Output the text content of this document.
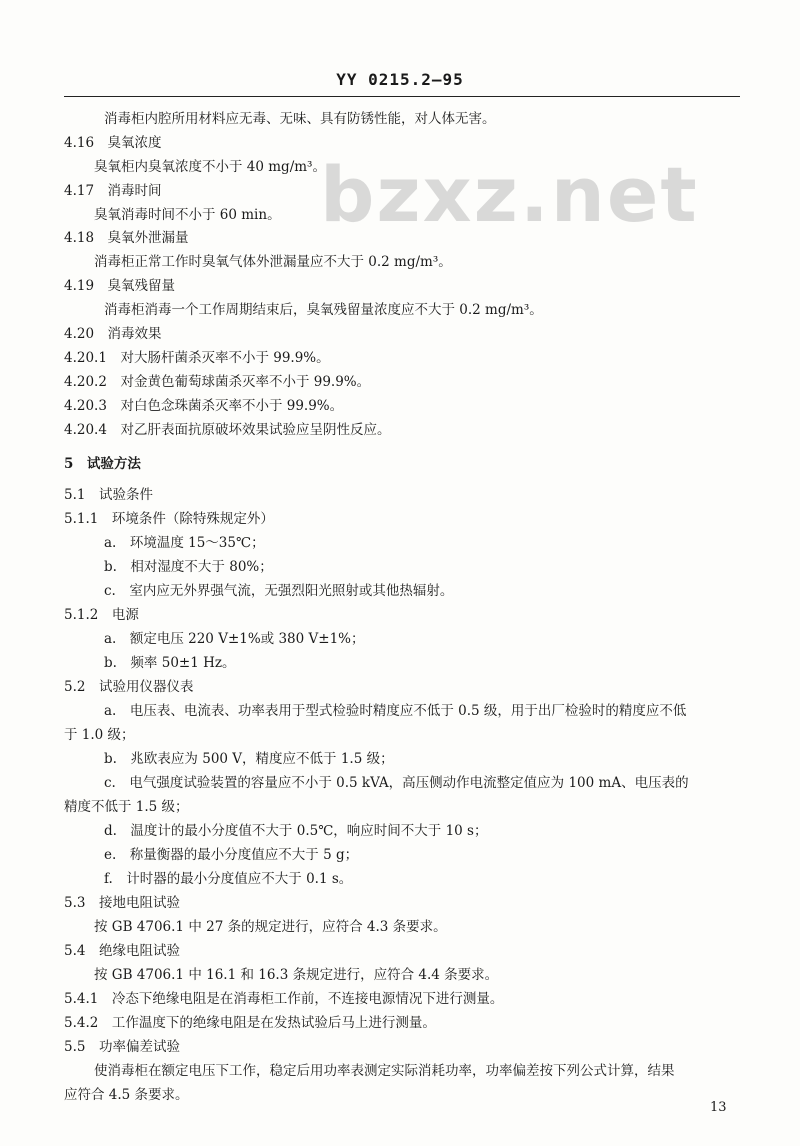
YY 0215.2—95
bzxz.net
消毒柜内腔所用材料应无毒、无味、具有防锈性能，对人体无害。
4.16　臭氧浓度
臭氧柜内臭氧浓度不小于 40 mg/m³。
4.17　消毒时间
臭氧消毒时间不小于 60 min。
4.18　臭氧外泄漏量
消毒柜正常工作时臭氧气体外泄漏量应不大于 0.2 mg/m³。
4.19　臭氧残留量
消毒柜消毒一个工作周期结束后，臭氧残留量浓度应不大于 0.2 mg/m³。
4.20　消毒效果
4.20.1　对大肠杆菌杀灭率不小于 99.9%。
4.20.2　对金黄色葡萄球菌杀灭率不小于 99.9%。
4.20.3　对白色念珠菌杀灭率不小于 99.9%。
4.20.4　对乙肝表面抗原破坏效果试验应呈阴性反应。
5　试验方法
5.1　试验条件
5.1.1　环境条件（除特殊规定外）
a.　环境温度 15～35℃；
b.　相对湿度不大于 80%；
c.　室内应无外界强气流，无强烈阳光照射或其他热辐射。
5.1.2　电源
a.　额定电压 220 V±1%或 380 V±1%；
b.　频率 50±1 Hz。
5.2　试验用仪器仪表
a.　电压表、电流表、功率表用于型式检验时精度应不低于 0.5 级，用于出厂检验时的精度应不低
于 1.0 级；
b.　兆欧表应为 500 V，精度应不低于 1.5 级；
c.　电气强度试验装置的容量应不小于 0.5 kVA，高压侧动作电流整定值应为 100 mA、电压表的
精度不低于 1.5 级；
d.　温度计的最小分度值不大于 0.5℃，响应时间不大于 10 s；
e.　称量衡器的最小分度值应不大于 5 g；
f.　计时器的最小分度值应不大于 0.1 s。
5.3　接地电阻试验
按 GB 4706.1 中 27 条的规定进行，应符合 4.3 条要求。
5.4　绝缘电阻试验
按 GB 4706.1 中 16.1 和 16.3 条规定进行，应符合 4.4 条要求。
5.4.1　冷态下绝缘电阻是在消毒柜工作前，不连接电源情况下进行测量。
5.4.2　工作温度下的绝缘电阻是在发热试验后马上进行测量。
5.5　功率偏差试验
使消毒柜在额定电压下工作，稳定后用功率表测定实际消耗功率，功率偏差按下列公式计算，结果
应符合 4.5 条要求。
13
